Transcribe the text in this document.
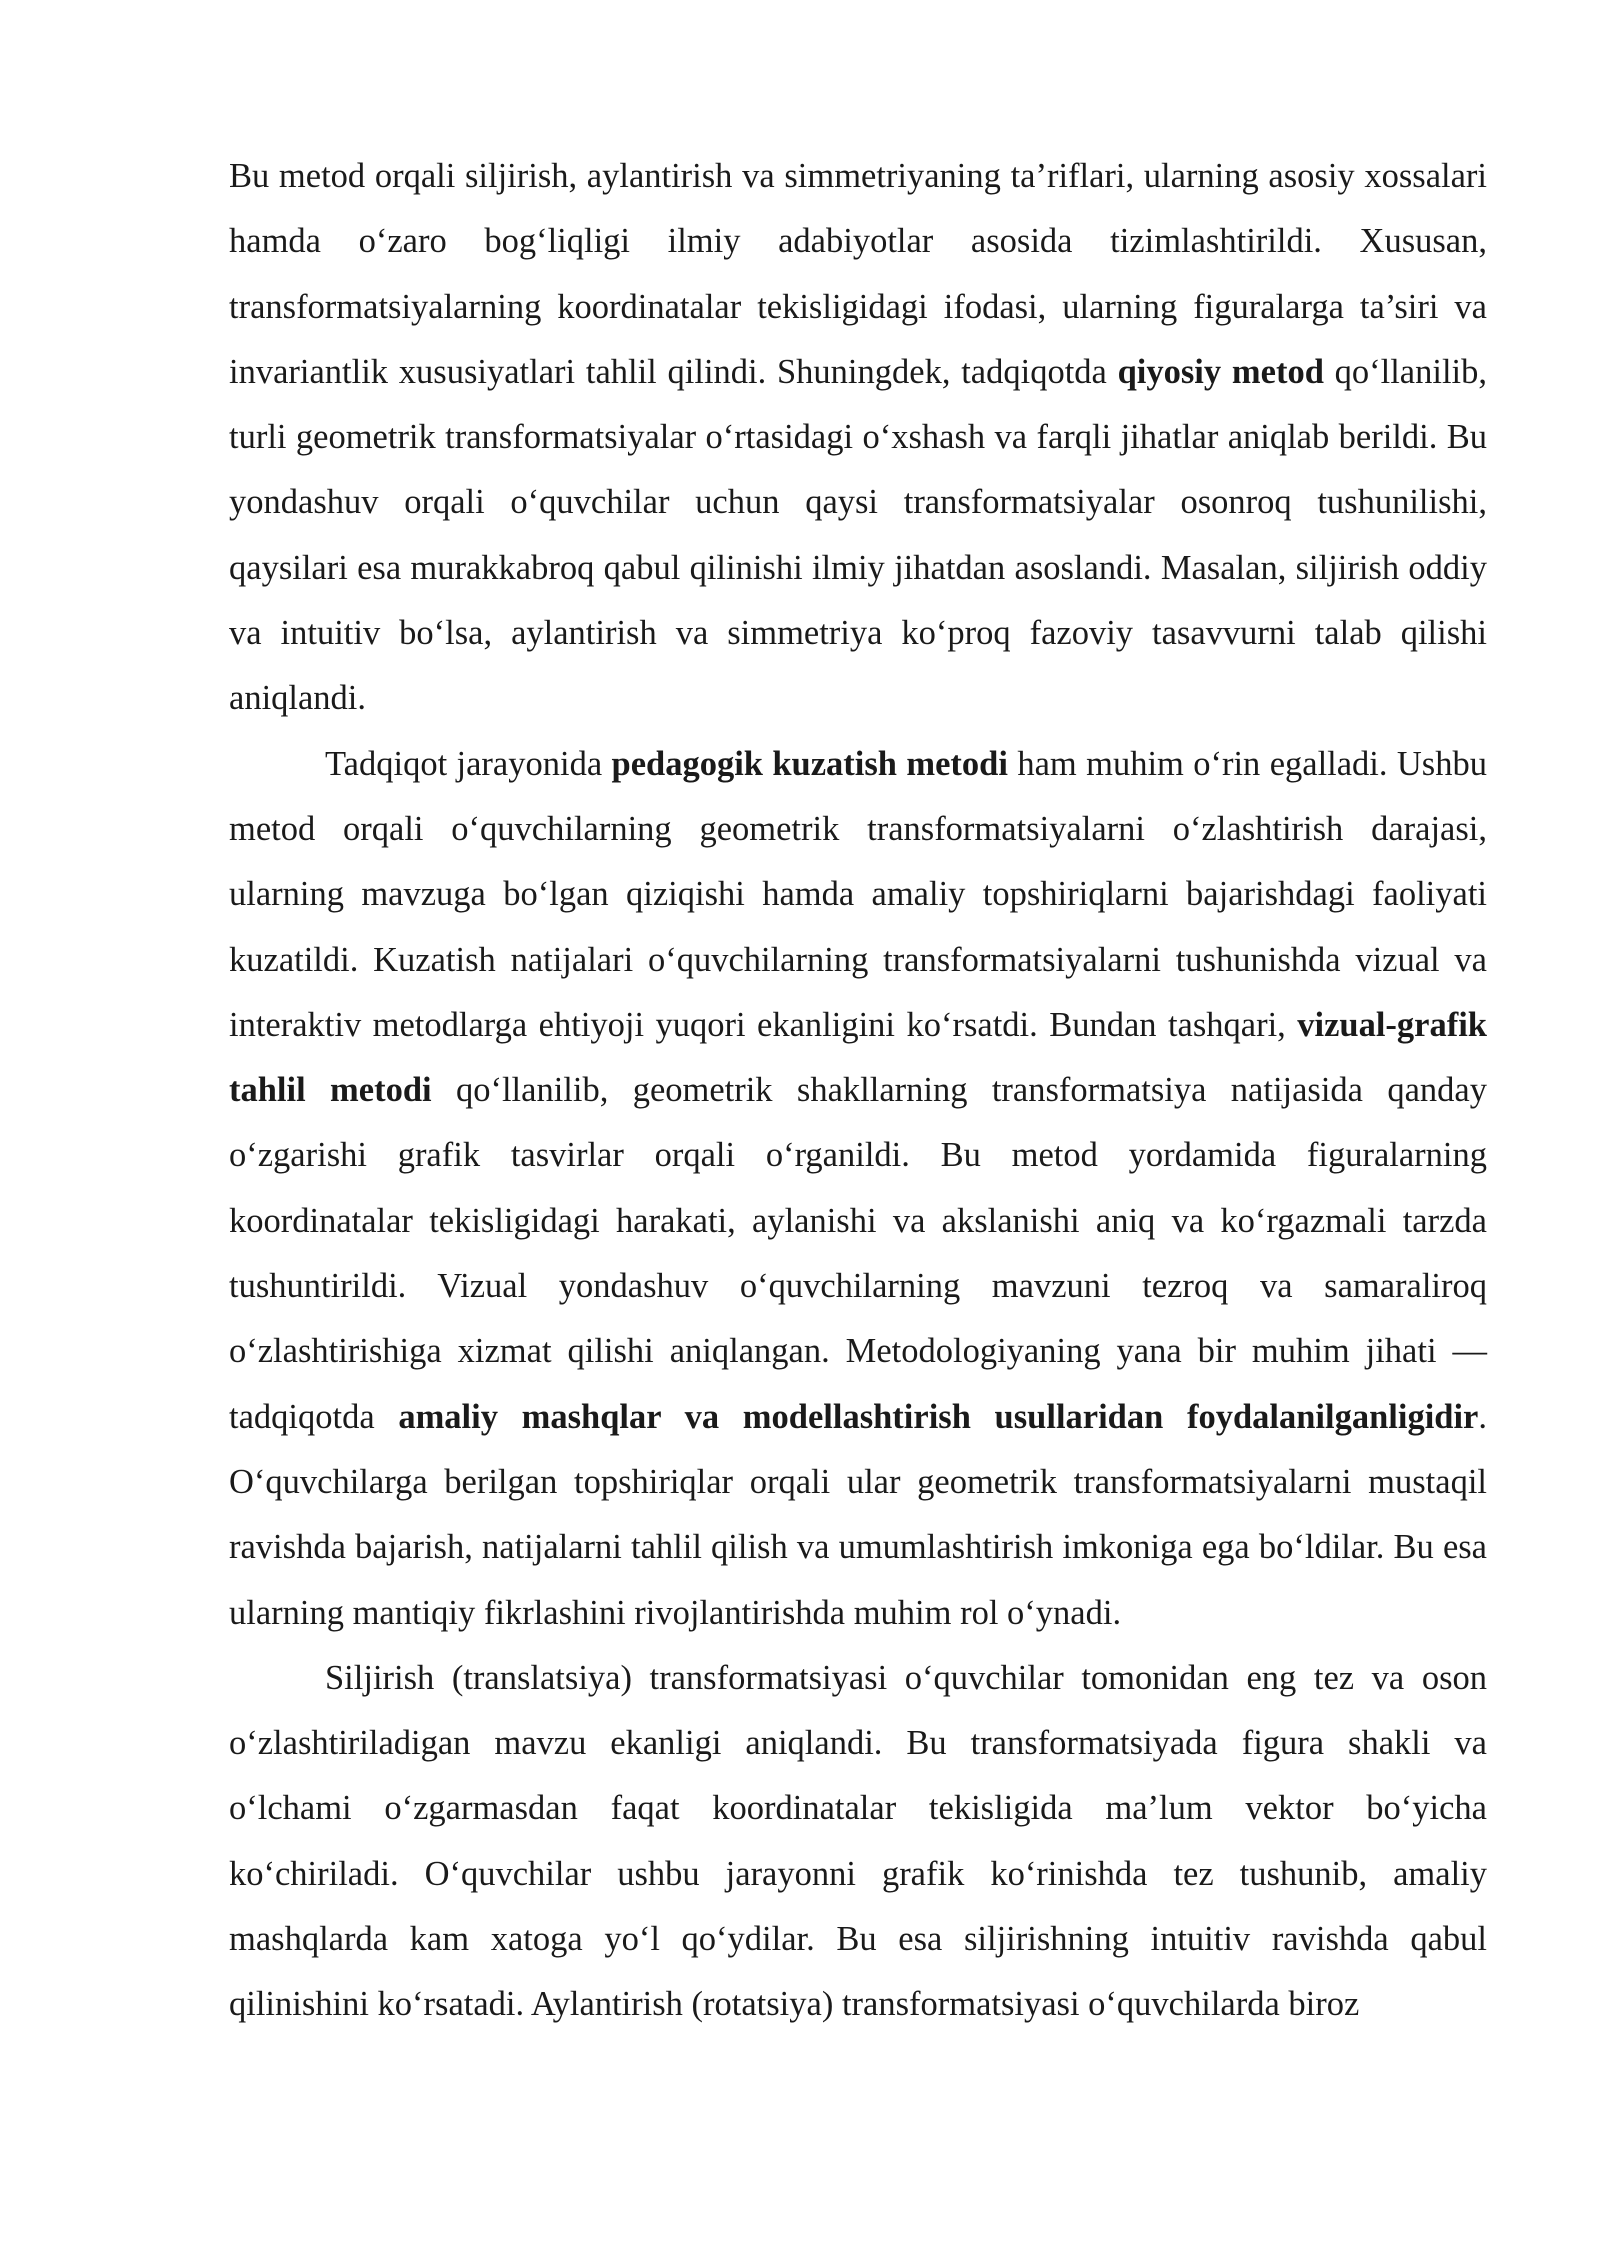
Bu metod orqali siljirish, aylantirish va simmetriyaning ta’riflari, ularning asosiy xossalari hamda o‘zaro bog‘liqligi ilmiy adabiyotlar asosida tizimlashtirildi. Xususan, transformatsiyalarning koordinatalar tekisligidagi ifodasi, ularning figuralarga ta’siri va invariantlik xususiyatlari tahlil qilindi. Shuningdek, tadqiqotda qiyosiy metod qo‘llanilib, turli geometrik transformatsiyalar o‘rtasidagi o‘xshash va farqli jihatlar aniqlab berildi. Bu yondashuv orqali o‘quvchilar uchun qaysi transformatsiyalar osonroq tushunilishi, qaysilari esa murakkabroq qabul qilinishi ilmiy jihatdan asoslandi. Masalan, siljirish oddiy va intuitiv bo‘lsa, aylantirish va simmetriya ko‘proq fazoviy tasavvurni talab qilishi aniqlandi.

Tadqiqot jarayonida pedagogik kuzatish metodi ham muhim o‘rin egalladi. Ushbu metod orqali o‘quvchilarning geometrik transformatsiyalarni o‘zlashtirish darajasi, ularning mavzuga bo‘lgan qiziqishi hamda amaliy topshiriqlarni bajarishdagi faoliyati kuzatildi. Kuzatish natijalari o‘quvchilarning transformatsiyalarni tushunishda vizual va interaktiv metodlarga ehtiyoji yuqori ekanligini ko‘rsatdi. Bundan tashqari, vizual-grafik tahlil metodi qo‘llanilib, geometrik shakllarning transformatsiya natijasida qanday o‘zgarishi grafik tasvirlar orqali o‘rganildi. Bu metod yordamida figuralarning koordinatalar tekisligidagi harakati, aylanishi va akslanishi aniq va ko‘rgazmali tarzda tushuntirildi. Vizual yondashuv o‘quvchilarning mavzuni tezroq va samaraliroq o‘zlashtirishiga xizmat qilishi aniqlangan. Metodologiyaning yana bir muhim jihati — tadqiqotda amaliy mashqlar va modellashtirish usullaridan foydalanilganligidir. O‘quvchilarga berilgan topshiriqlar orqali ular geometrik transformatsiyalarni mustaqil ravishda bajarish, natijalarni tahlil qilish va umumlashtirish imkoniga ega bo‘ldilar. Bu esa ularning mantiqiy fikrlashini rivojlantirishda muhim rol o‘ynadi.

Siljirish (translatsiya) transformatsiyasi o‘quvchilar tomonidan eng tez va oson o‘zlashtiriladigan mavzu ekanligi aniqlandi. Bu transformatsiyada figura shakli va o‘lchami o‘zgarmasdan faqat koordinatalar tekisligida ma’lum vektor bo‘yicha ko‘chiriladi. O‘quvchilar ushbu jarayonni grafik ko‘rinishda tez tushunib, amaliy mashqlarda kam xatoga yo‘l qo‘ydilar. Bu esa siljirishning intuitiv ravishda qabul qilinishini ko‘rsatadi. Aylantirish (rotatsiya) transformatsiyasi o‘quvchilarda biroz
